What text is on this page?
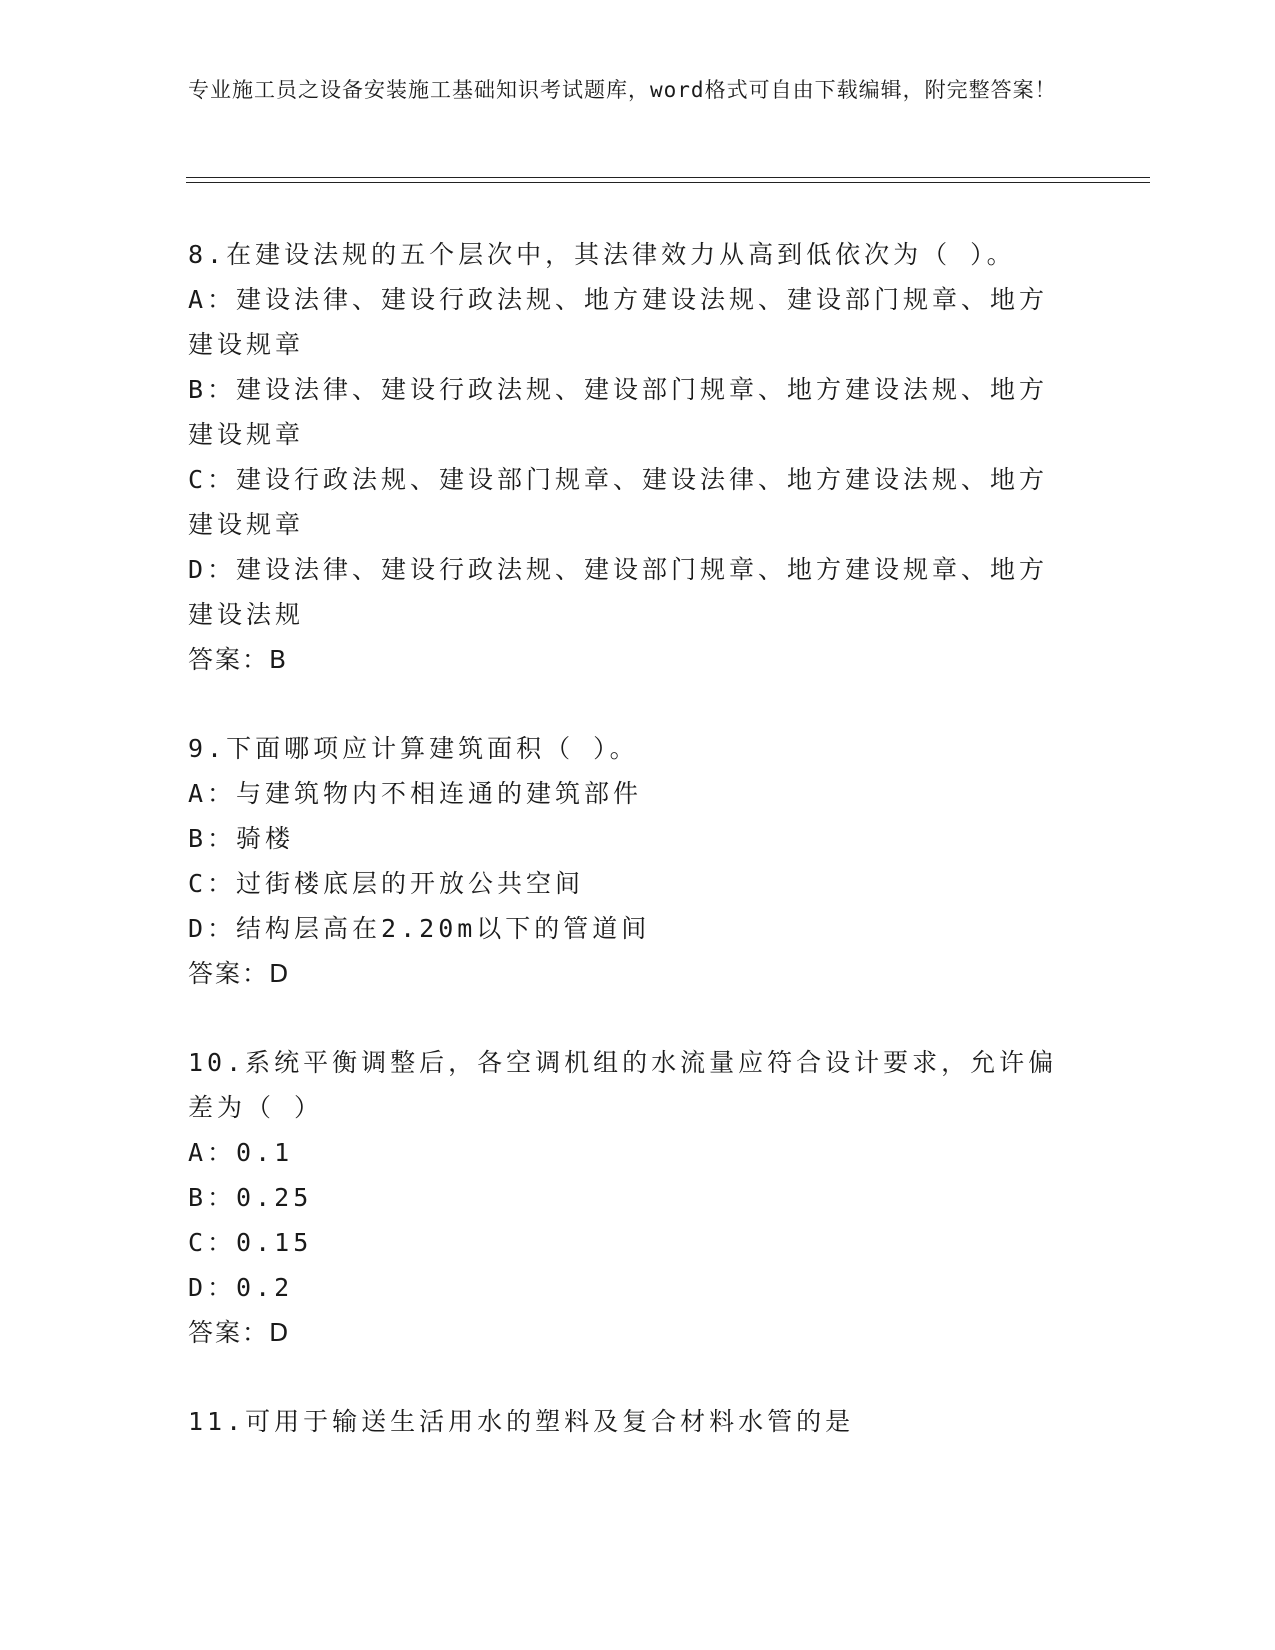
专业施工员之设备安装施工基础知识考试题库，word格式可自由下载编辑，附完整答案！

8.在建设法规的五个层次中，其法律效力从高到低依次为（ ）。

A：建设法律、建设行政法规、地方建设法规、建设部门规章、地方建设规章

B：建设法律、建设行政法规、建设部门规章、地方建设法规、地方建设规章

C：建设行政法规、建设部门规章、建设法律、地方建设法规、地方建设规章

D：建设法律、建设行政法规、建设部门规章、地方建设规章、地方建设法规

答案：B

9.下面哪项应计算建筑面积（ ）。

A：与建筑物内不相连通的建筑部件

B：骑楼

C：过街楼底层的开放公共空间

D：结构层高在2.20m以下的管道间

答案：D

10.系统平衡调整后，各空调机组的水流量应符合设计要求，允许偏差为（ ）

A：0.1

B：0.25

C：0.15

D：0.2

答案：D

11.可用于输送生活用水的塑料及复合材料水管的是
